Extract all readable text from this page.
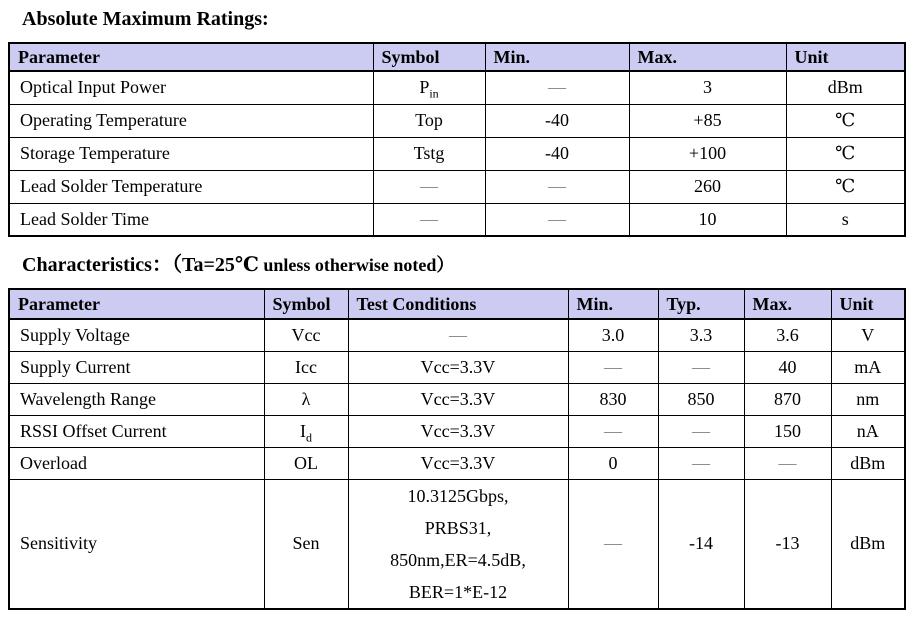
Absolute Maximum Ratings:
Parameter	Symbol	Min.	Max.	Unit
Optical Input Power	$P_{in}$	—	3	dBm
Operating Temperature	Top	-40	+85	℃
Storage Temperature	Tstg	-40	+100	℃
Lead Solder Temperature	—	—	260	℃
Lead Solder Time	—	—	10	s
Characteristics：（Ta=25℃ unless otherwise noted）
Parameter	Symbol	Test Conditions	Min.	Typ.	Max.	Unit
Supply Voltage	Vcc	—	3.0	3.3	3.6	V
Supply Current	Icc	Vcc=3.3V	—	—	40	mA
Wavelength Range	λ	Vcc=3.3V	830	850	870	nm
RSSI Offset Current	$I_d$	Vcc=3.3V	—	—	150	nA
Overload	OL	Vcc=3.3V	0	—	—	dBm
Sensitivity	Sen	10.3125Gbps,
PRBS31,
850nm,ER=4.5dB,
BER=1*E-12	—	-14	-13	dBm
